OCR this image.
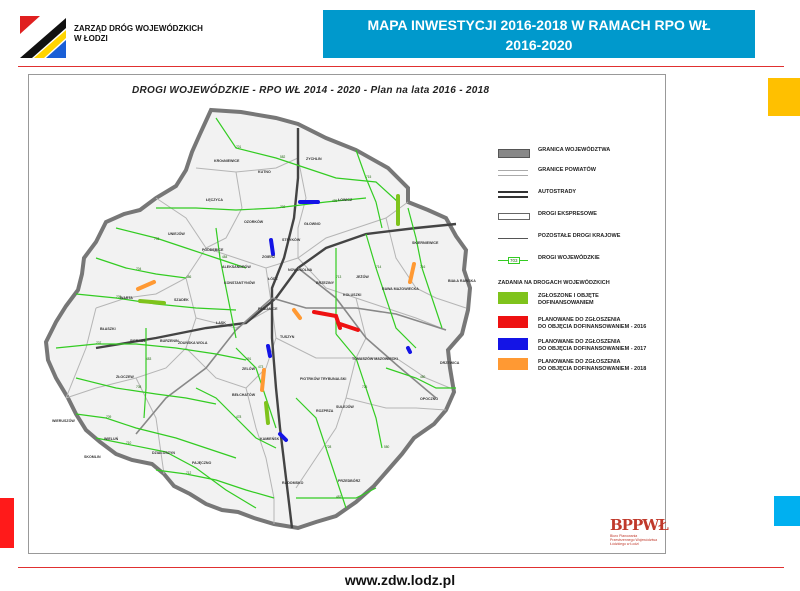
ZARZĄD DRÓG WOJEWÓDZKICH
W ŁODZI
MAPA INWESTYCJI 2016-2018 W RAMACH RPO WŁ
2016-2020
DROGI WOJEWÓDZKIE - RPO WŁ 2014 - 2020 - Plan na lata 2016 - 2018
ZYCHLIN
KROśNIEWICE
KUTNO
ŁĘCZYCA	ŁOWICZ
GŁOWNO
OZORKÓW
STRYKÓW
ZGIERZ
UNIEJÓW
PODDĘBICE
ALEKSANDRÓW
KONSTANTYNÓW
ŁÓDŹ
KOLUSZKI
BRZEZINY
JEŻÓW
RAWA MAZOWIECKA
BIAŁA RAWSKA
SKIERNIEWICE
NOWOSOLNA
WARTA	SZADEK
ŁASK
PABIANICE
TUSZYN
ZDUŃSKA WOLA
SIERADZ
BŁASZKI
ZŁOCZEW
BURZENIN
ZELÓW
BEŁCHATÓW
TOMASZÓW MAZOWIECKI
OPOCZNO
DRZEWICA
PIOTRKÓW TRYBUNALSKI
SULEJÓW
ROZPRZA
KAMIEŃSK
WIERUSZÓW
WIELUŃ
SKOMLIN
DZIAŁOSZYN
PAJĘCZNO
RADOMSKO	PRZEDBÓRZ
701
702
703
704
705
707
708
709
710
712
713
714
715
716
726
728
473
478
480
482
483
484
485
486
491
580
582
GRANICA WOJEWÓDZTWA
GRANICE POWIATÓW
AUTOSTRADY
DROGI EKSPRESOWE
POZOSTAŁE DROGI KRAJOWE
703	DROGI WOJEWÓDZKIE
ZADANIA NA DROGACH WOJEWÓDZKICH
ZGŁOSZONE I OBJĘTE
DOFINANSOWANIEM
PLANOWANE DO ZGŁOSZENIA
DO OBJĘCIA DOFINANSOWANIEM - 2016
PLANOWANE DO ZGŁOSZENIA
DO OBJĘCIA DOFINANSOWANIEM - 2017
PLANOWANE DO ZGŁOSZENIA
DO OBJĘCIA DOFINANSOWANIEM - 2018
BPPWŁ
Biuro Planowania Przestrzennego Województwa Łódzkiego w Łodzi
www.zdw.lodz.pl
